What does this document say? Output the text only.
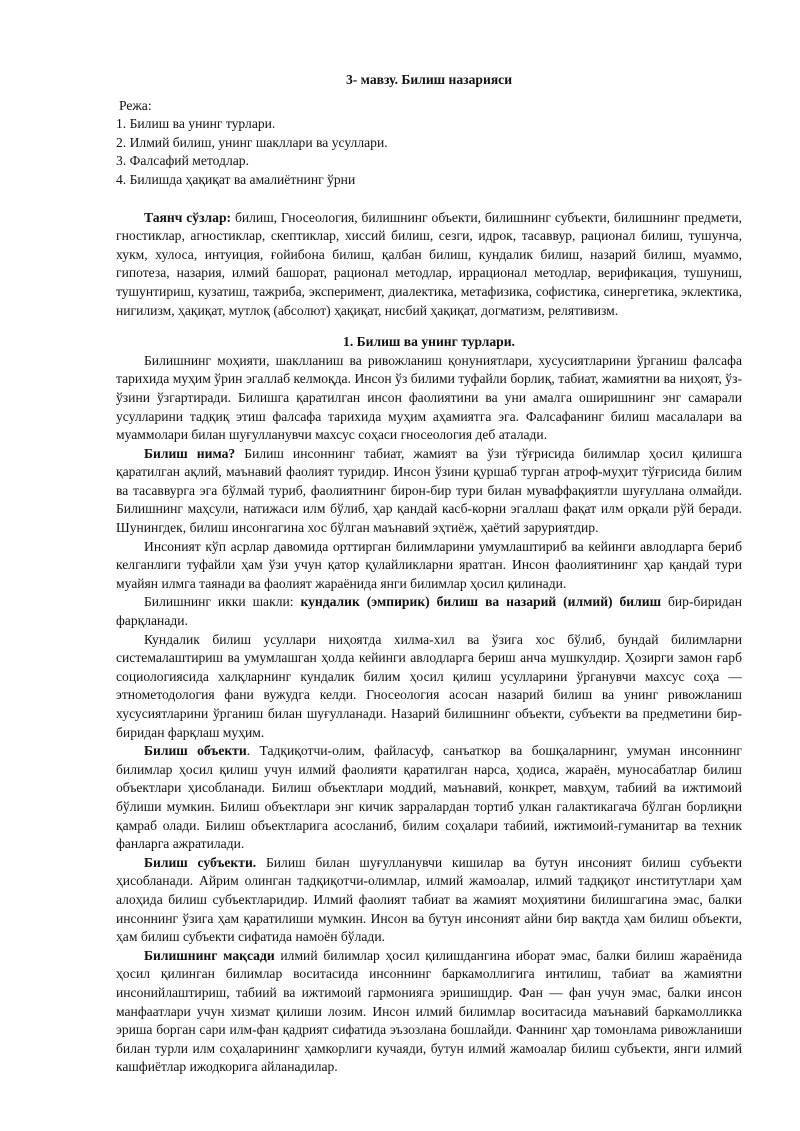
3- мавзу. Билиш назарияси
Режа:
1. Билиш ва унинг турлари.
2. Илмий билиш, унинг шакллари ва усуллари.
3. Фалсафий методлар.
4. Билишда ҳақиқат ва амалиётнинг ўрни

Таянч сўзлар: билиш, Гносеология, билишнинг объекти, билишнинг субъекти, билишнинг предмети, гностиклар, агностиклар, скептиклар, хиссий билиш, сезги, идрок, тасаввур, рационал билиш, тушунча, хукм, хулоса, интуиция, ғойибона билиш, қалбан билиш, кундалик билиш, назарий билиш, муаммо, гипотеза, назария, илмий башорат, рационал методлар, иррационал методлар, верификация, тушуниш, тушунтириш, кузатиш, тажриба, эксперимент, диалектика, метафизика, софистика, синергетика, эклектика, нигилизм, ҳақиқат, мутлоқ (абсолют) ҳақиқат, нисбий ҳақиқат, догматизм, релятивизм.

1. Билиш ва унинг турлари.

Билишнинг моҳияти, шаклланиш ва ривожланиш қонуниятлари, хусусиятларини ўрганиш фалсафа тарихида муҳим ўрин эгаллаб келмоқда. Инсон ўз билими туфайли борлиқ, табиат, жамиятни ва ниҳоят, ўз-ўзини ўзгартиради. Билишга қаратилган инсон фаолиятини ва уни амалга оширишнинг энг самарали усулларини тадқиқ этиш фалсафа тарихида муҳим аҳамиятга эга. Фалсафанинг билиш масалалари ва муаммолари билан шуғулланувчи махсус соҳаси гносеология деб аталади.

Билиш нима? Билиш инсоннинг табиат, жамият ва ўзи тўғрисида билимлар ҳосил қилишга қаратилган ақлий, маънавий фаолият туридир. Инсон ўзини қуршаб турган атроф-муҳит тўғрисида билим ва тасаввурга эга бўлмай туриб, фаолиятнинг бирон-бир тури билан муваффақиятли шуғуллана олмайди. Билишнинг маҳсули, натижаси илм бўлиб, ҳар қандай касб-корни эгаллаш фақат илм орқали рўй беради. Шунингдек, билиш инсонгагина хос бўлган маънавий эҳтиёж, ҳаётий заруриятдир.

Инсоният кўп асрлар давомида орттирган билимларини умумлаштириб ва кейинги авлодларга бериб келганлиги туфайли ҳам ўзи учун қатор қулайликларни яратган. Инсон фаолиятининг ҳар қандай тури муайян илмга таянади ва фаолият жараёнида янги билимлар ҳосил қилинади.

Билишнинг икки шакли: кундалик (эмпирик) билиш ва назарий (илмий) билиш бир-биридан фарқланади.

Кундалик билиш усуллари ниҳоятда хилма-хил ва ўзига хос бўлиб, бундай билимларни системалаштириш ва умумлашган ҳолда кейинги авлодларга бериш анча мушкулдир. Ҳозирги замон ғарб социологиясида халқларнинг кундалик билим ҳосил қилиш усулларини ўрганувчи махсус соҳа — этнометодология фани вужудга келди. Гносеология асосан назарий билиш ва унинг ривожланиш хусусиятларини ўрганиш билан шуғулланади. Назарий билишнинг объекти, субъекти ва предметини бир-биридан фарқлаш муҳим.

Билиш объекти. Тадқиқотчи-олим, файласуф, санъаткор ва бошқаларнинг, умуман инсоннинг билимлар ҳосил қилиш учун илмий фаолияти қаратилган нарса, ҳодиса, жараён, муносабатлар билиш объектлари ҳисобланади. Билиш объектлари моддий, маънавий, конкрет, мавҳум, табиий ва ижтимоий бўлиши мумкин. Билиш объектлари энг кичик зарралардан тортиб улкан галактикагача бўлган борлиқни қамраб олади. Билиш объектларига асосланиб, билим соҳалари табиий, ижтимоий-гуманитар ва техник фанларга ажратилади.

Билиш субъекти. Билиш билан шуғулланувчи кишилар ва бутун инсоният билиш субъекти ҳисобланади. Айрим олинган тадқиқотчи-олимлар, илмий жамоалар, илмий тадқиқот институтлари ҳам алоҳида билиш субъектларидир. Илмий фаолият табиат ва жамият моҳиятини билишгагина эмас, балки инсоннинг ўзига ҳам қаратилиши мумкин. Инсон ва бутун инсоният айни бир вақтда ҳам билиш объекти, ҳам билиш субъекти сифатида намоён бўлади.

Билишнинг мақсади илмий билимлар ҳосил қилишдангина иборат эмас, балки билиш жараёнида ҳосил қилинган билимлар воситасида инсоннинг баркамоллигига интилиш, табиат ва жамиятни инсонийлаштириш, табиий ва ижтимоий гармонияга эришишдир. Фан — фан учун эмас, балки инсон манфаатлари учун хизмат қилиши лозим. Инсон илмий билимлар воситасида маънавий баркамолликка эриша борган сари илм-фан қадрият сифатида эъзозлана бошлайди. Фаннинг ҳар томонлама ривожланиши билан турли илм соҳаларининг ҳамкорлиги кучаяди, бутун илмий жамоалар билиш субъекти, янги илмий кашфиётлар ижодкорига айланадилар.
